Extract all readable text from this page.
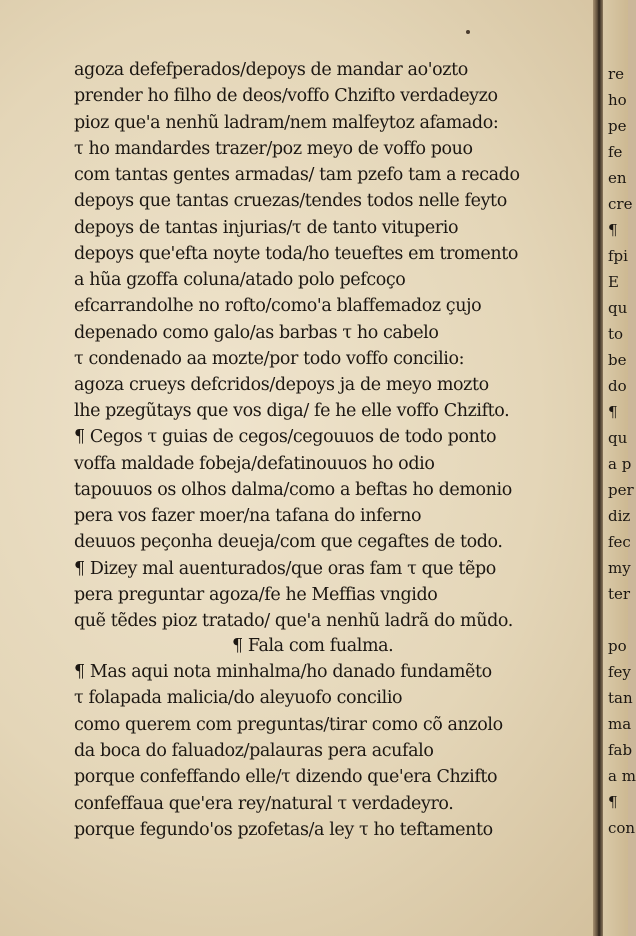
agoza defefperados/depoys de mandar ao'ozto
prender ho filho de deos/voffo Chzifto verdadeyzo
pioz que'a nenhũ ladram/nem malfeytoz afamado:
τ ho mandardes trazer/poz meyo de voffo pouo
com tantas gentes armadas/ tam pzefo tam a recado
depoys que tantas cruezas/tendes todos nelle feyto
depoys de tantas injurias/τ de tanto vituperio
depoys que'efta noyte toda/ho teueftes em tromento
a hũa gzoffa coluna/atado polo pefcoço
efcarrandolhe no rofto/como'a blaffemadoz çujo
depenado como galo/as barbas τ ho cabelo
τ condenado aa mozte/por todo voffo concilio:
agoza crueys defcridos/depoys ja de meyo mozto
lhe pzegũtays que vos diga/ fe he elle voffo Chzifto.
¶ Cegos τ guias de cegos/cegouuos de todo ponto
voffa maldade fobeja/defatinouuos ho odio
tapouuos os olhos dalma/como a beftas ho demonio
pera vos fazer moer/na tafana do inferno
deuuos peçonha deueja/com que cegaftes de todo.
¶ Dizey mal auenturados/que oras fam τ que tẽpo
pera preguntar agoza/fe he Meffias vngido
quẽ tẽdes pioz tratado/ que'a nenhũ ladrã do mũdo.
¶ Fala com fualma.
¶ Mas aqui nota minhalma/ho danado fundamẽto
τ folapada malicia/do aleyuofo concilio
como querem com preguntas/tirar como cõ anzolo
da boca do faluadoz/palauras pera acufalo
porque confeffando elle/τ dizendo que'era Chzifto
confeffaua que'era rey/natural τ verdadeyro.
porque fegundo'os pzofetas/a ley τ ho teftamento
re
ho
pe
fe
en
cre
¶
fpi
E
qu
to
be
do
¶
qu
a p
per
diz
fec
my
ter
po
fey
tan
ma
fab
a m
¶
con
